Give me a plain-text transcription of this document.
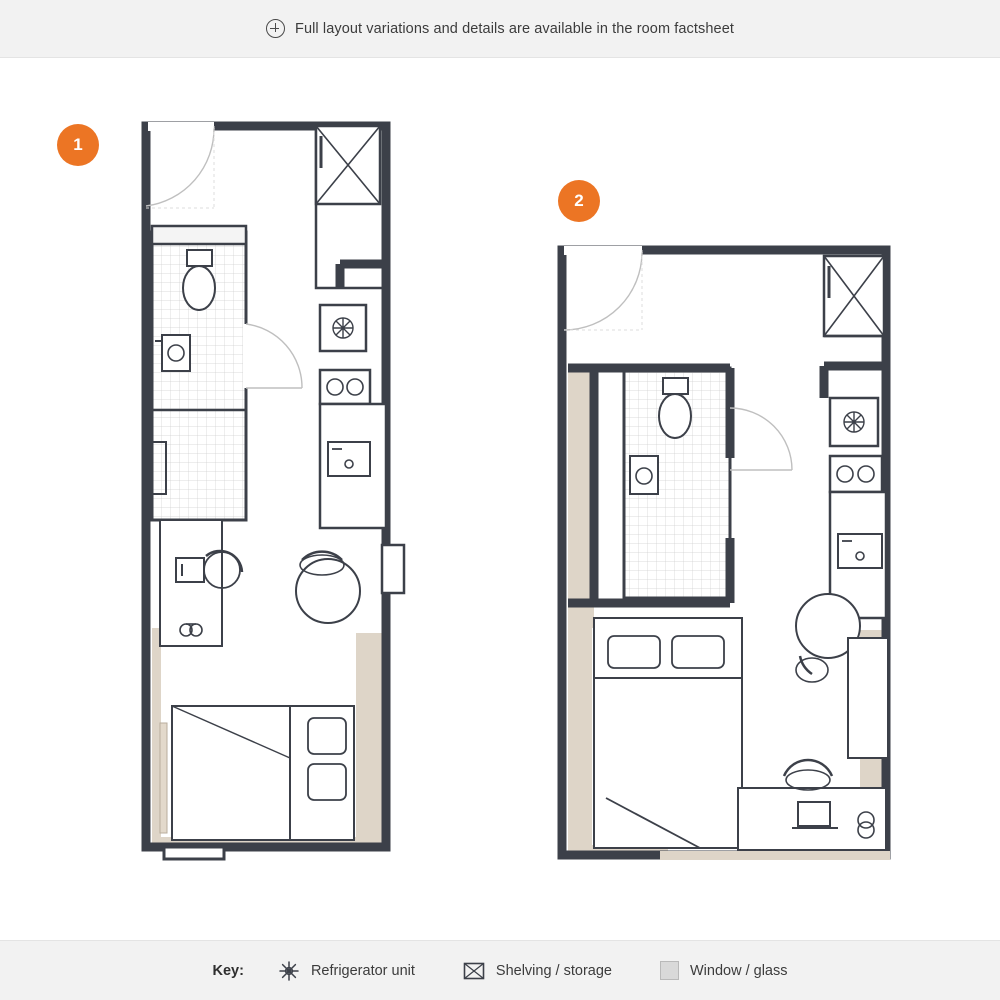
Full layout variations and details are available in the room factsheet
1
2
Key:	Refrigerator unit	Shelving / storage	Window / glass
